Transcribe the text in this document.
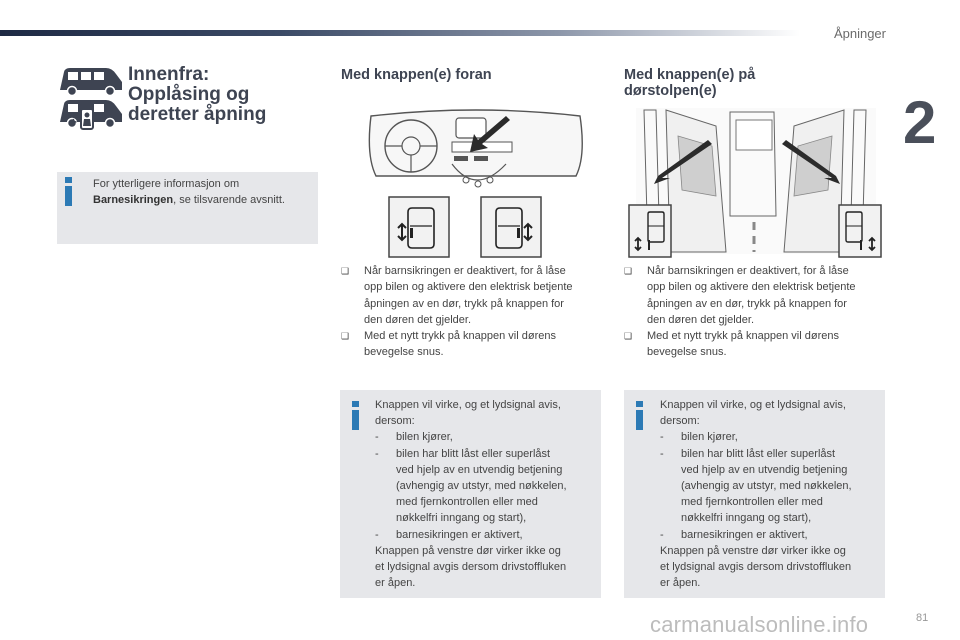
Åpninger
2
+
Innenfra:
Opplåsing og
deretter åpning
For ytterligere informasjon om
Barnesikringen, se tilsvarende avsnitt.
Med knappen(e) foran
❑ Når barnsikringen er deaktivert, for å låse
opp bilen og aktivere den elektrisk betjente
åpningen av en dør, trykk på knappen for
den døren det gjelder.
❑ Med et nytt trykk på knappen vil dørens
bevegelse snus.
Knappen vil virke, og et lydsignal avis,
dersom:
- bilen kjører,
- bilen har blitt låst eller superlåst
ved hjelp av en utvendig betjening
(avhengig av utstyr, med nøkkelen,
med fjernkontrollen eller med
nøkkelfri inngang og start),
- barnesikringen er aktivert,
Knappen på venstre dør virker ikke og
et lydsignal avgis dersom drivstoffluken
er åpen.
Med knappen(e) på
dørstolpen(e)
❑ Når barnsikringen er deaktivert, for å låse
opp bilen og aktivere den elektrisk betjente
åpningen av en dør, trykk på knappen for
den døren det gjelder.
❑ Med et nytt trykk på knappen vil dørens
bevegelse snus.
Knappen vil virke, og et lydsignal avis,
dersom:
- bilen kjører,
- bilen har blitt låst eller superlåst
ved hjelp av en utvendig betjening
(avhengig av utstyr, med nøkkelen,
med fjernkontrollen eller med
nøkkelfri inngang og start),
- barnesikringen er aktivert,
Knappen på venstre dør virker ikke og
et lydsignal avgis dersom drivstoffluken
er åpen.
carmanualsonline.info	81
